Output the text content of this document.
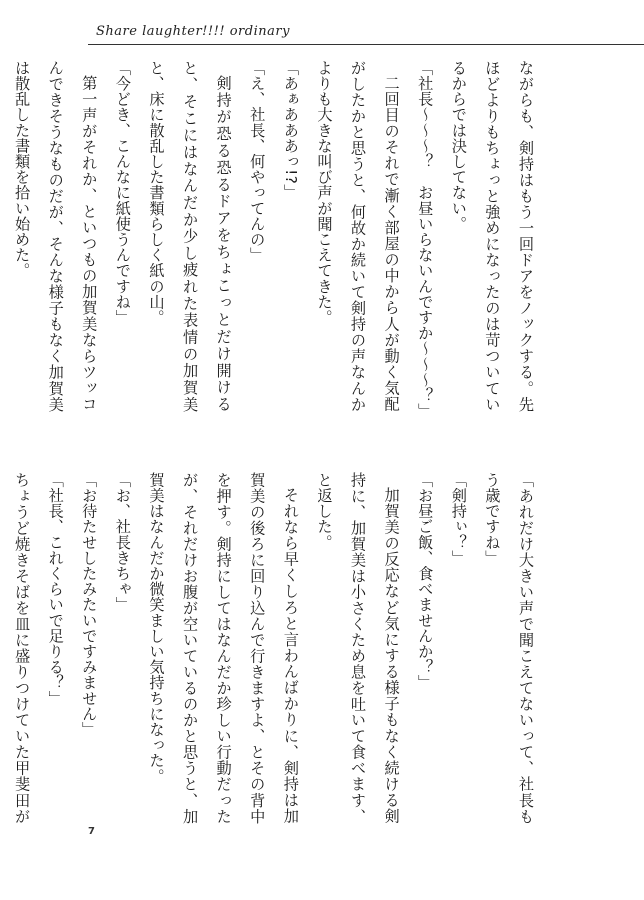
Share laughter!!!! ordinary

ながらも、剣持はもう一回ドアをノックする。先ほどよりもちょっと強めになったのは苛ついているからでは決してない。

「社長〜〜〜？　お昼いらないんですか〜〜〜？」

二回目のそれで漸く部屋の中から人が動く気配がしたかと思うと、何故か続いて剣持の声なんかよりも大きな叫び声が聞こえてきた。

「あぁあああっ!?」

「え、社長、何やってんの」

剣持が恐る恐るドアをちょこっとだけ開けると、そこにはなんだか少し疲れた表情の加賀美と、床に散乱した書類らしく紙の山。

「今どき、こんなに紙使うんですね」

第一声がそれか、といつもの加賀美ならツッコんできそうなものだが、そんな様子もなく加賀美は散乱した書類を拾い始めた。

「あれだけ大きい声で聞こえてないって、社長もう歳ですね」

「剣持ぃ？」

「お昼ご飯、食べませんか？」

加賀美の反応など気にする様子もなく続ける剣持に、加賀美は小さくため息を吐いて食べます、と返した。

それなら早くしろと言わんばかりに、剣持は加賀美の後ろに回り込んで行きますよ、とその背中を押す。剣持にしてはなんだか珍しい行動だったが、それだけお腹が空いているのかと思うと、加賀美はなんだか微笑ましい気持ちになった。

「お、社長きちゃ」

「お待たせしたみたいですみません」

「社長、これくらいで足りる？」

ちょうど焼きそばを皿に盛りつけていた甲斐田が

7
